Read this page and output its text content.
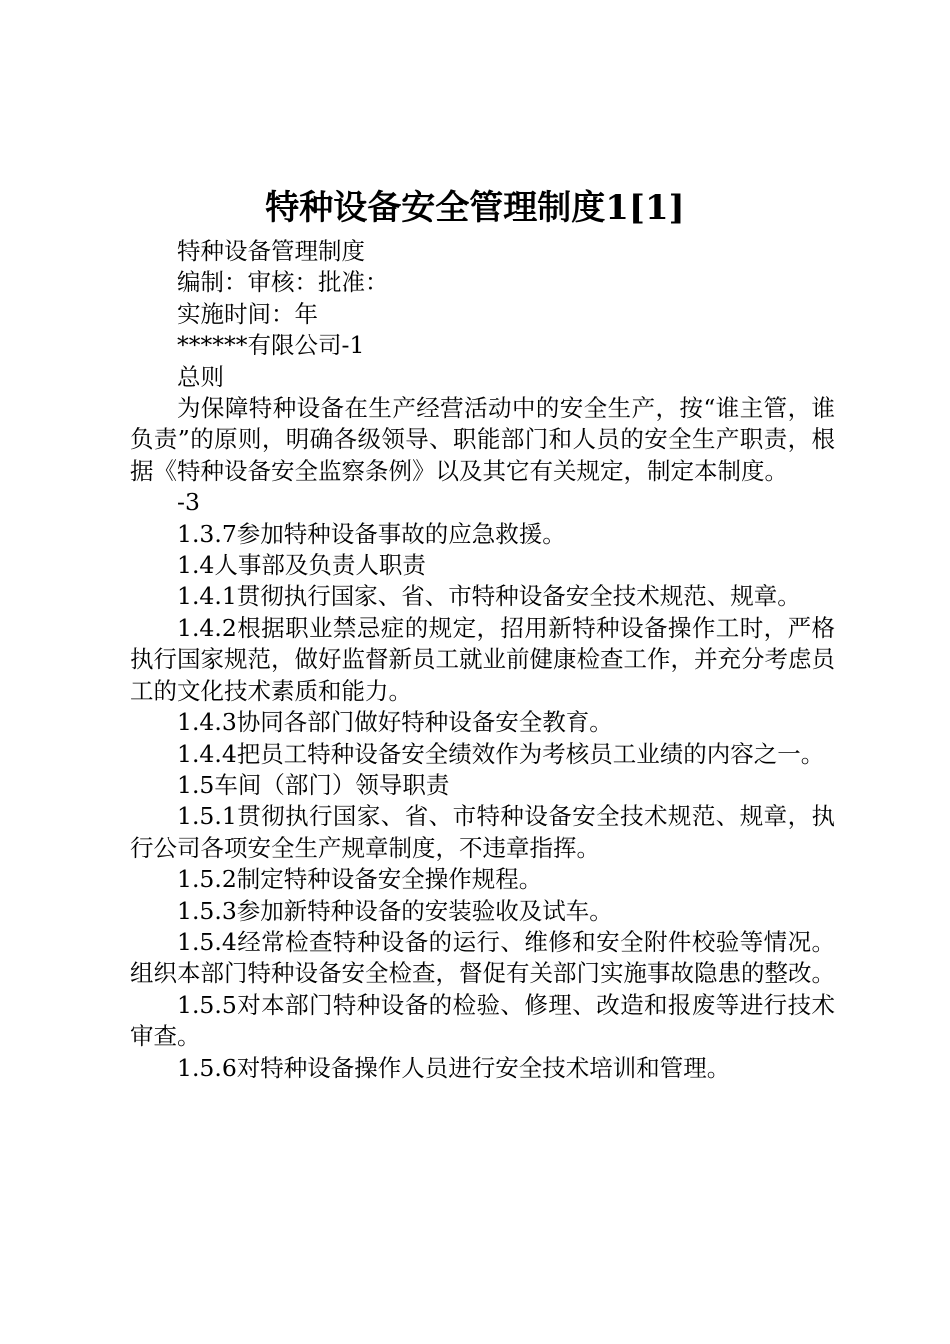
特种设备安全管理制度1[1]

特种设备管理制度

编制：审核：批准：

实施时间：年

******有限公司-1

总则

为保障特种设备在生产经营活动中的安全生产，按“谁主管，谁负责”的原则，明确各级领导、职能部门和人员的安全生产职责，根据《特种设备安全监察条例》以及其它有关规定，制定本制度。

-3

1.3.7参加特种设备事故的应急救援。

1.4人事部及负责人职责

1.4.1贯彻执行国家、省、市特种设备安全技术规范、规章。

1.4.2根据职业禁忌症的规定，招用新特种设备操作工时，严格执行国家规范，做好监督新员工就业前健康检查工作，并充分考虑员工的文化技术素质和能力。

1.4.3协同各部门做好特种设备安全教育。

1.4.4把员工特种设备安全绩效作为考核员工业绩的内容之一。

1.5车间（部门）领导职责

1.5.1贯彻执行国家、省、市特种设备安全技术规范、规章，执行公司各项安全生产规章制度，不违章指挥。

1.5.2制定特种设备安全操作规程。

1.5.3参加新特种设备的安装验收及试车。

1.5.4经常检查特种设备的运行、维修和安全附件校验等情况。组织本部门特种设备安全检查，督促有关部门实施事故隐患的整改。

1.5.5对本部门特种设备的检验、修理、改造和报废等进行技术审查。

1.5.6对特种设备操作人员进行安全技术培训和管理。
